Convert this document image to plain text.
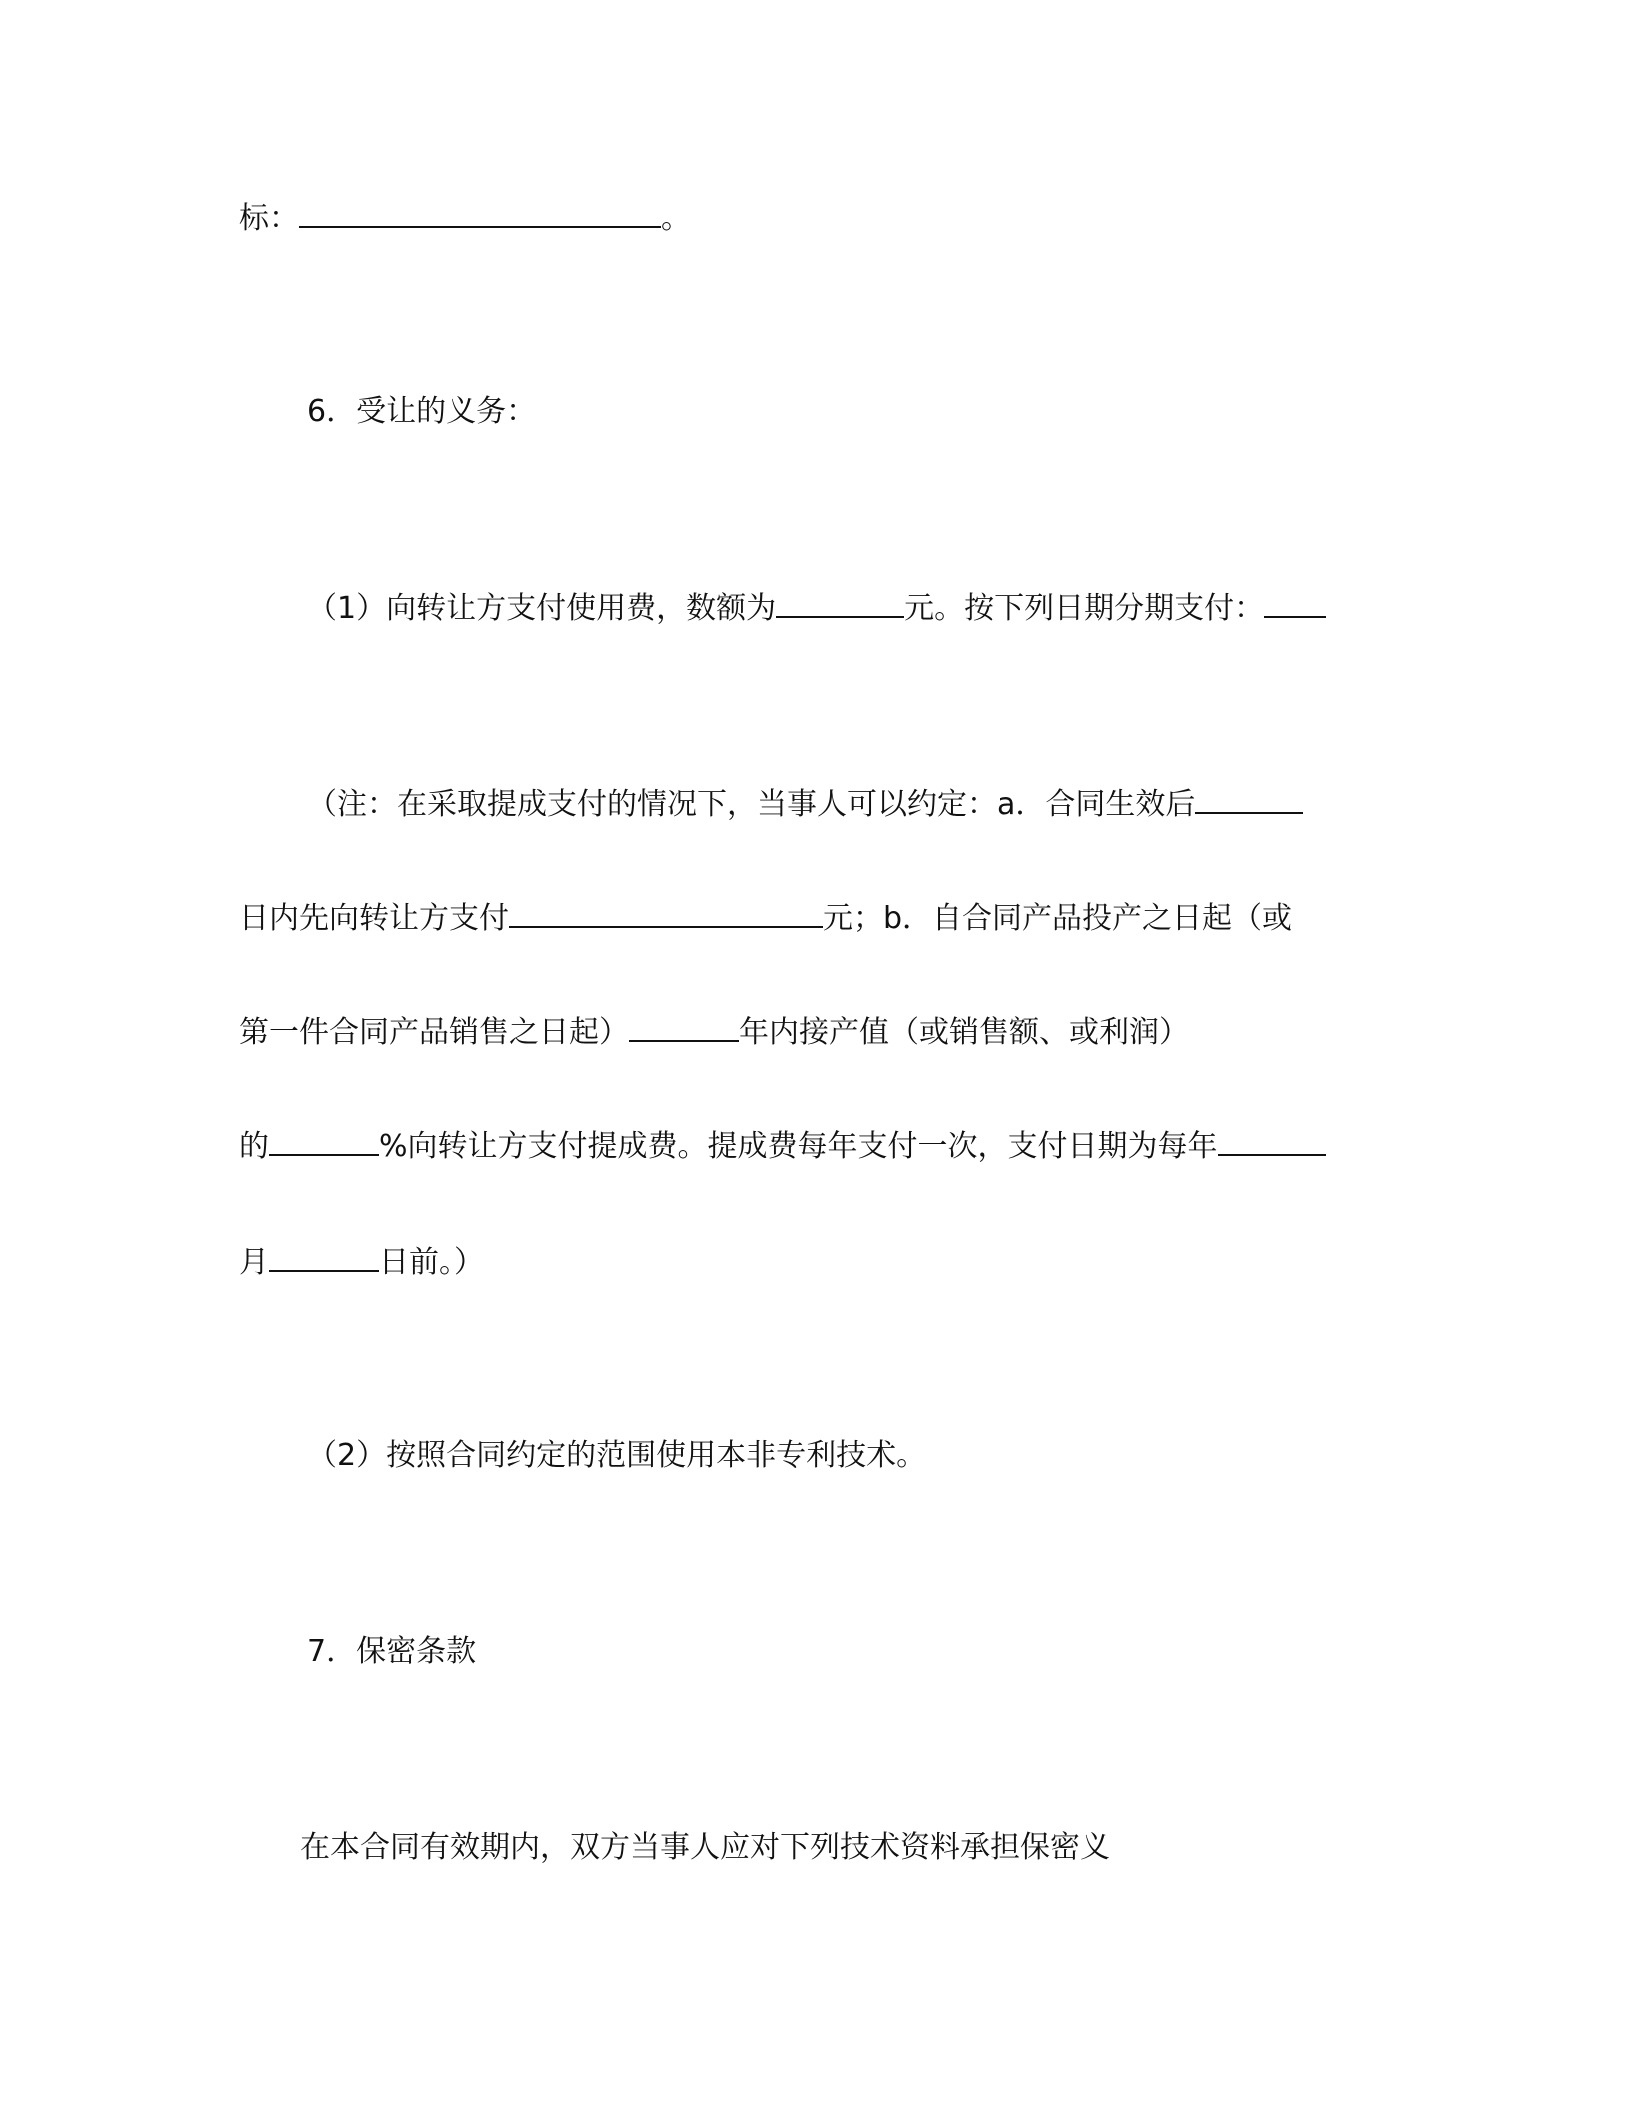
标：	。
6．受让的义务：
（1）向转让方支付使用费，数额为	元。按下列日期分期支付：
（注：在采取提成支付的情况下，当事人可以约定：a．合同生效后
日内先向转让方支付	元；b．自合同产品投产之日起（或
第一件合同产品销售之日起）	年内接产值（或销售额、或利润）
的	%向转让方支付提成费。提成费每年支付一次，支付日期为每年
月	日前。）
（2）按照合同约定的范围使用本非专利技术。
7．保密条款
在本合同有效期内，双方当事人应对下列技术资料承担保密义
